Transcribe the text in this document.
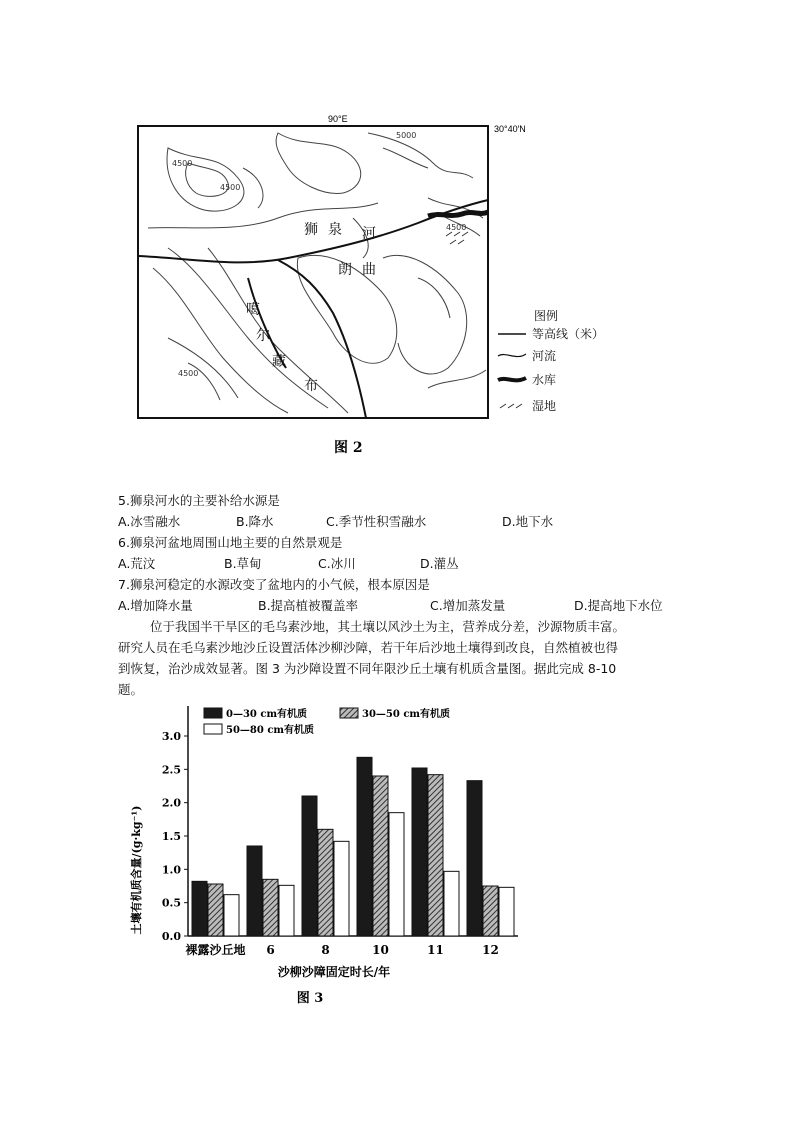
90°E
30°40′N
4500
4500
5000
4500
4500
狮 泉 河
朗 曲
噶
尔
藏
布
图例
等高线（米）
河流
水库
湿地
图 2
5.狮泉河水的主要补给水源是
A.冰雪融水	B.降水	C.季节性积雪融水	D.地下水
6.狮泉河盆地周围山地主要的自然景观是
A.荒汶	B.草甸	C.冰川	D.灌丛
7.狮泉河稳定的水源改变了盆地内的小气候，根本原因是
A.增加降水量	B.提高植被覆盖率	C.增加蒸发量	D.提高地下水位
位于我国半干旱区的毛乌素沙地，其土壤以风沙土为主，营养成分差，沙源物质丰富。
研究人员在毛乌素沙地沙丘设置活体沙柳沙障，若干年后沙地土壤得到改良，自然植被也得
到恢复，治沙成效显著。图 3 为沙障设置不同年限沙丘土壤有机质含量图。据此完成 8-10
题。
0.0
0.5
1.0
1.5
2.0
2.5
3.0
裸露沙丘地 6	8	10	11	12
0—30 cm有机质	30—50 cm有机质
50—80 cm有机质
土壤有机质含量/(g·kg⁻¹)
沙柳沙障固定时长/年
图 3
